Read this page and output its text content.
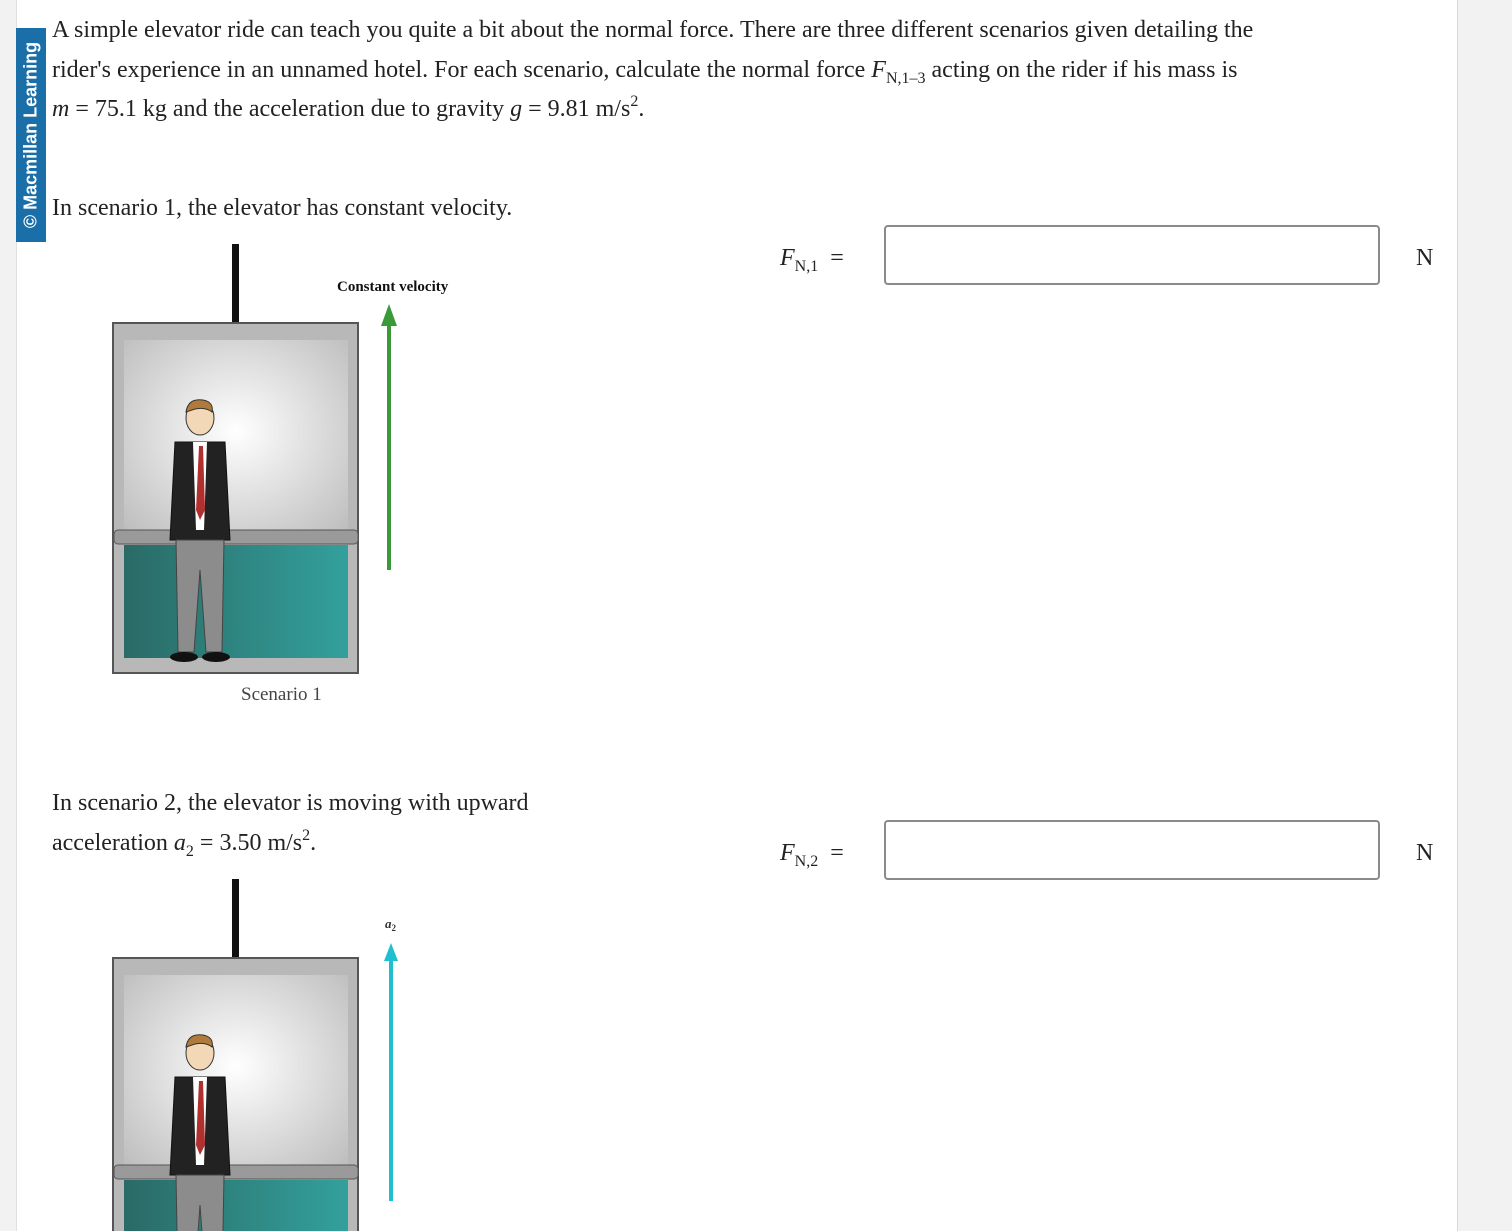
© Macmillan Learning

A simple elevator ride can teach you quite a bit about the normal force. There are three different scenarios given detailing the
rider's experience in an unnamed hotel. For each scenario, calculate the normal force $F_{N,1-3}$ acting on the rider if his mass is
m = 75.1 kg and the acceleration due to gravity g = 9.81 $m/s^2$.

In scenario 1, the elevator has constant velocity.

$F_{N,1}$ =	N
Constant velocity
Scenario 1

In scenario 2, the elevator is moving with upward
acceleration $a_2 = 3.50$ $m/s^2$.	$F_{N,2}$ =	N
$a_2$
